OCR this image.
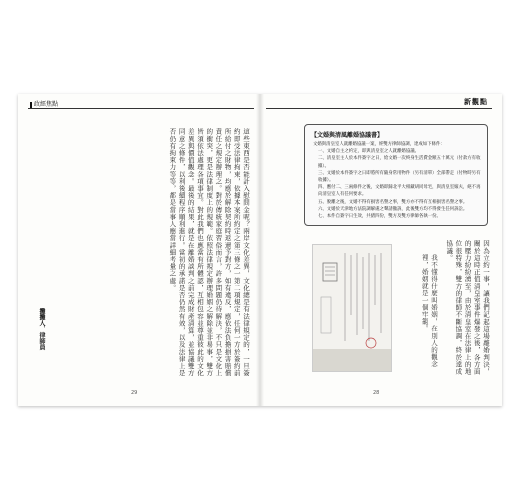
政經焦點
這些東西是否能計入慰問金呢？兩岸文化差異，文化總是有法律規定的，一旦簽約即受法律拘束，依據本案所約定之第三條之一第二項規定，任何一方於簽約前所給付之財物，均應於解除契約時返還予對方，如有違反，應依法負擔損害賠償責任之規定辦理之。對於傳統家庭習俗而言，許多問題仍待解決，不只是文化上的衝突，更是法律制度上的規範。依照法律規定辦理婚姻之解除並非易事，雙方皆須依法處理各項事宜。對此我們也應當有所體認，互相包容並尊重彼此的文化差異與價值觀念。最後的結果，就是在離婚談判之前完成財產清算，並協議雙方同意之條件，以利後續程序順利進行。當初的承諾是否仍然有效，以及法律上是否仍有拘束力等等，都是當事人應當詳細考量之處。
攤攤人．律師員
29
新觀點
【文婚與清風離婚協議書】

文婚與清皇室人就離婚協議一案，經雙方律師協調，達成如下條件：

一、文婚自主之約定，即與清皇室之人就離婚協議。

二、清皇室主人於本件簽字之日，給文婚一次終身生活費金額五十萬元（付款方有收據）。

三、文婚於本件簽字之日即將所有隨身常用物件（另有清單）全部帶走（付物時另有收據）。

四、應付二、三兩條件之後，文婚即歸北平大相藏胡同母宅，與清皇室嫁夫，絕不再向清皇室人有任何要求。

五、脫離之後，文婚不得有損害名譽之事，雙方亦不得有互相損害名譽之事。

六、文婚於天津地方法院調解處之聲請撤訴，此後雙方均不得發生任何訴訟。

七、本件自簽字日生效，共繕四份，雙方及雙方律師各執一份。

我不懂得什麼叫婚姻，在別人的觀念裡，婚姻就是一個牢籠。	因為立約一事，讓我們記起這場離婚判決，關於這時正值清皇室事件爆發之後，各方面的壓力紛紛湧至，由於清皇室在法律上的地位很特殊，雙方的律師不斷協調，終於達成協議。
28
